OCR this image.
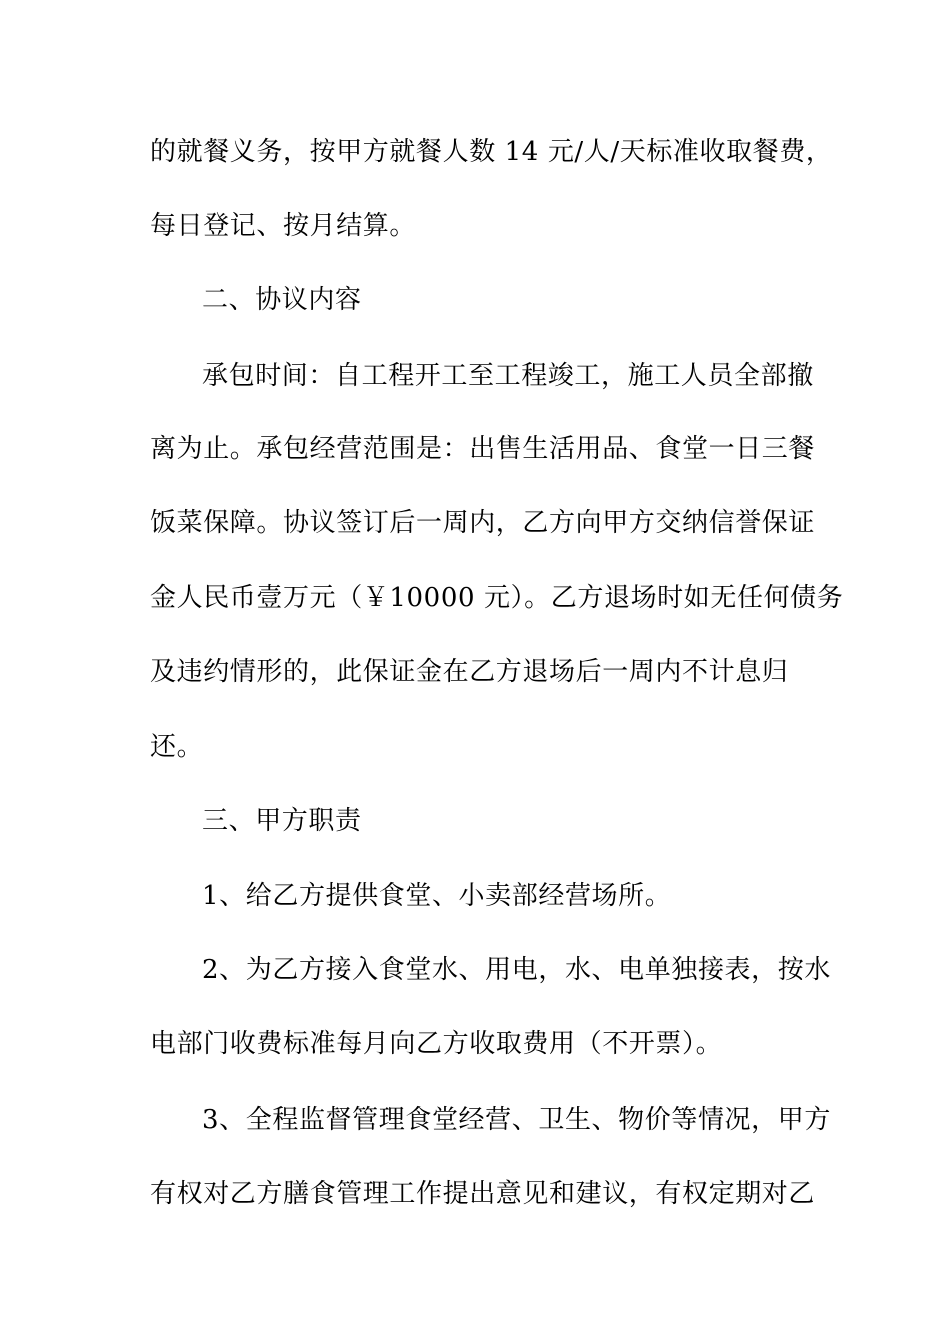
的就餐义务，按甲方就餐人数 14 元/人/天标准收取餐费，
每日登记、按月结算。
二、协议内容
承包时间：自工程开工至工程竣工，施工人员全部撤
离为止。承包经营范围是：出售生活用品、食堂一日三餐
饭菜保障。协议签订后一周内，乙方向甲方交纳信誉保证
金人民币壹万元（￥10000 元）。乙方退场时如无任何债务
及违约情形的，此保证金在乙方退场后一周内不计息归
还。
三、甲方职责
1、给乙方提供食堂、小卖部经营场所。
2、为乙方接入食堂水、用电，水、电单独接表，按水
电部门收费标准每月向乙方收取费用（不开票）。
3、全程监督管理食堂经营、卫生、物价等情况，甲方
有权对乙方膳食管理工作提出意见和建议，有权定期对乙
